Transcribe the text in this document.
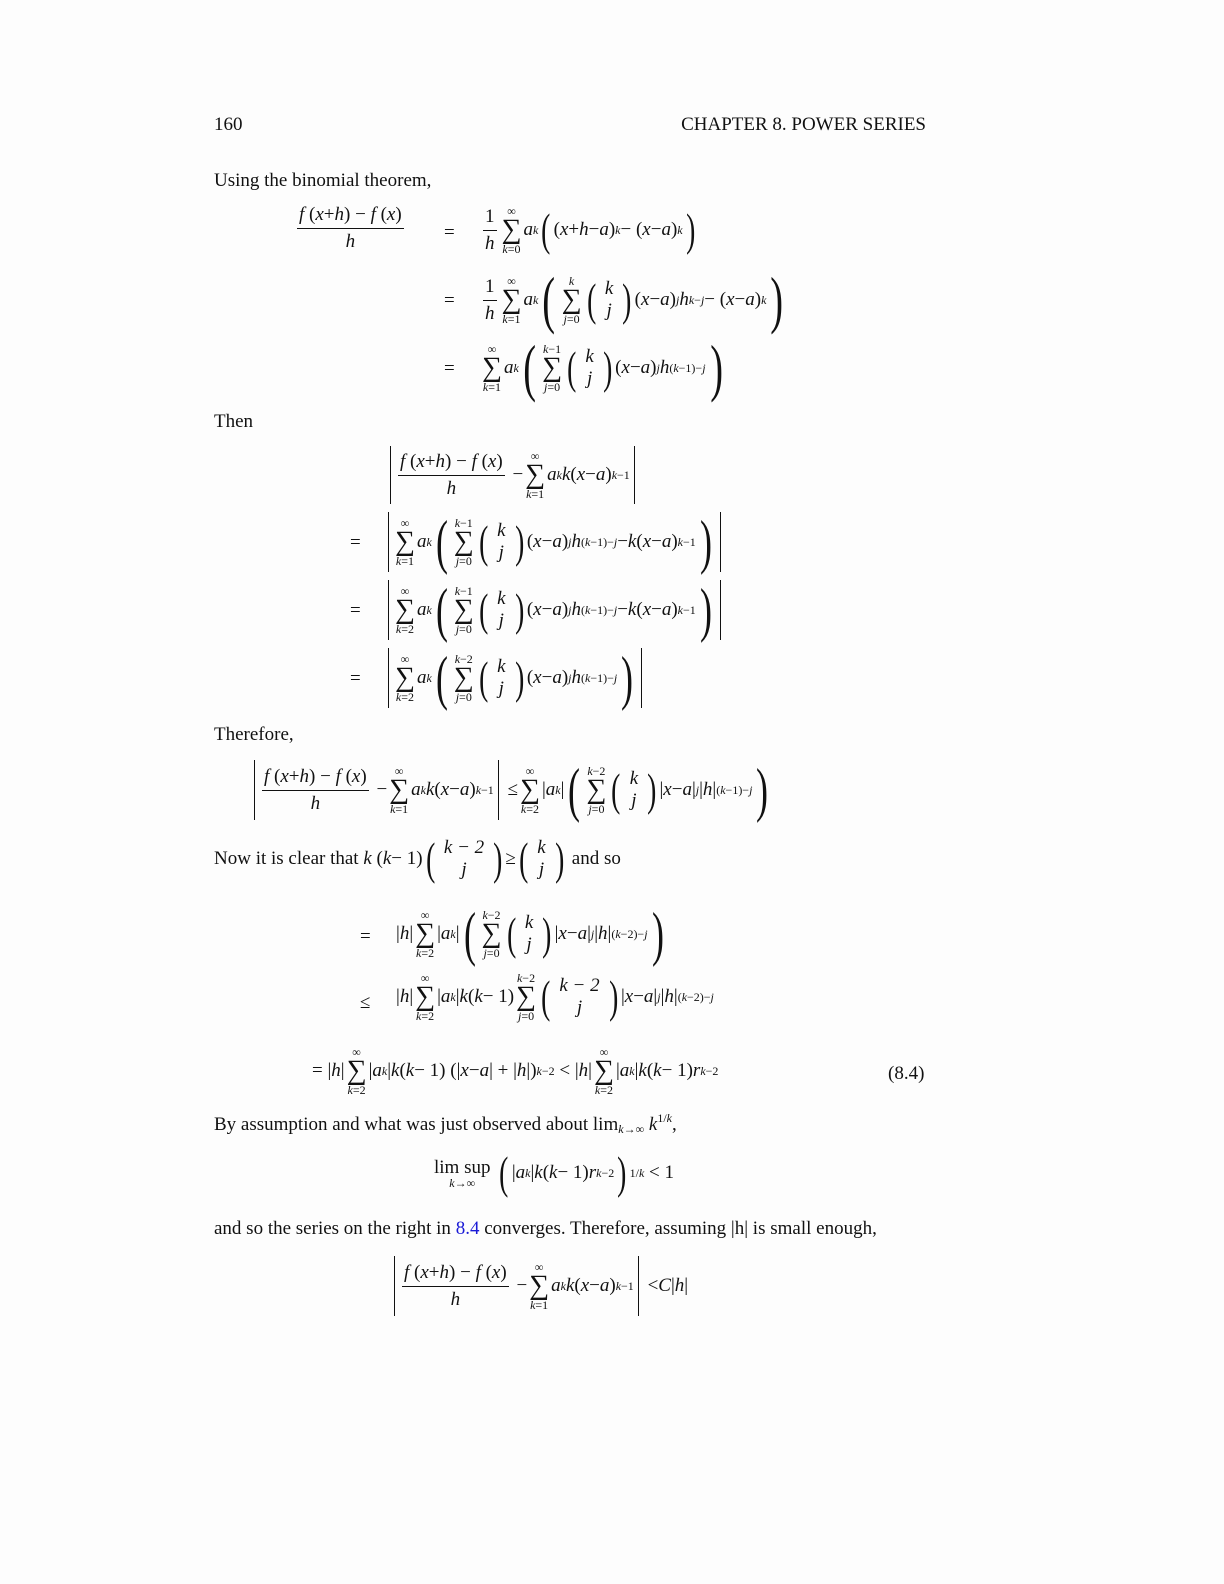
160	CHAPTER 8. POWER SERIES
Using the binomial theorem,
$\frac{f (x+h) - f (x)}{h} = \frac{1}{h}$ ∞
∑
k=0
a k ( ( x + h − a ) k − ( x − a ) k )
= $\frac{1}{h}$ ∞
∑
k=1
a k ( k
∑
j=0 ( k
j ) ( x − a ) j h k−j − ( x − a ) k )
=
∞
∑
k=1
a k ( k−1
∑
j=0 ( k
j ) ( x − a ) j h (k−1)−j )
Then
$\frac{f (x+h) - f (x)}{h}$ −
∞
∑
k=1
a k k ( x − a ) k−1
=
∞
∑
k=1
a k ( k−1
∑
j=0 ( k
j ) ( x − a ) j h (k−1)−j − k ( x − a ) k−1 )
=
∞
∑
k=2
a k ( k−1
∑
j=0 ( k
j ) ( x − a ) j h (k−1)−j − k ( x − a ) k−1 )
=
∞
∑
k=2
a k ( k−2
∑
j=0 ( k
j ) ( x − a ) j h (k−1)−j )
Therefore,
$\frac{f (x+h) - f (x)}{h}$ −
∞
∑
k=1
a k k ( x − a ) k−1 ≤
∞
∑
k=2
| a k | ( k−2
∑
j=0 ( k
j ) | x − a | j | h | (k−1)−j )
Now it is clear that
k ( k − 1) ( k − 2
j ) ≥ ( k
j )
and so
= | h |
∞
∑
k=2
| a k | ( k−2
∑
j=0 ( k
j ) | x − a | j | h | (k−2)−j )
≤ | h |
∞
∑
k=2
| a k | k ( k − 1)
k−2
∑
j=0 ( k − 2
j ) | x − a | j | h | (k−2)−j
= | h |
∞
∑
k=2
| a k | k ( k − 1) (| x − a | + | h |) k−2 < | h |
∞
∑
k=2
| a k | k ( k − 1) r k−2	(8.4)
By assumption and what was just observed about $\lim_{k\to\infty} k^{1/k}$,
lim sup
k→∞ ( | a k | k ( k − 1) r k−2 ) 1/k < 1
and so the series on the right in 8.4 converges. Therefore, assuming |h| is small enough,
$\frac{f (x+h) - f (x)}{h}$ −
∞
∑
k=1
a k k ( x − a ) k−1 < C | h |
